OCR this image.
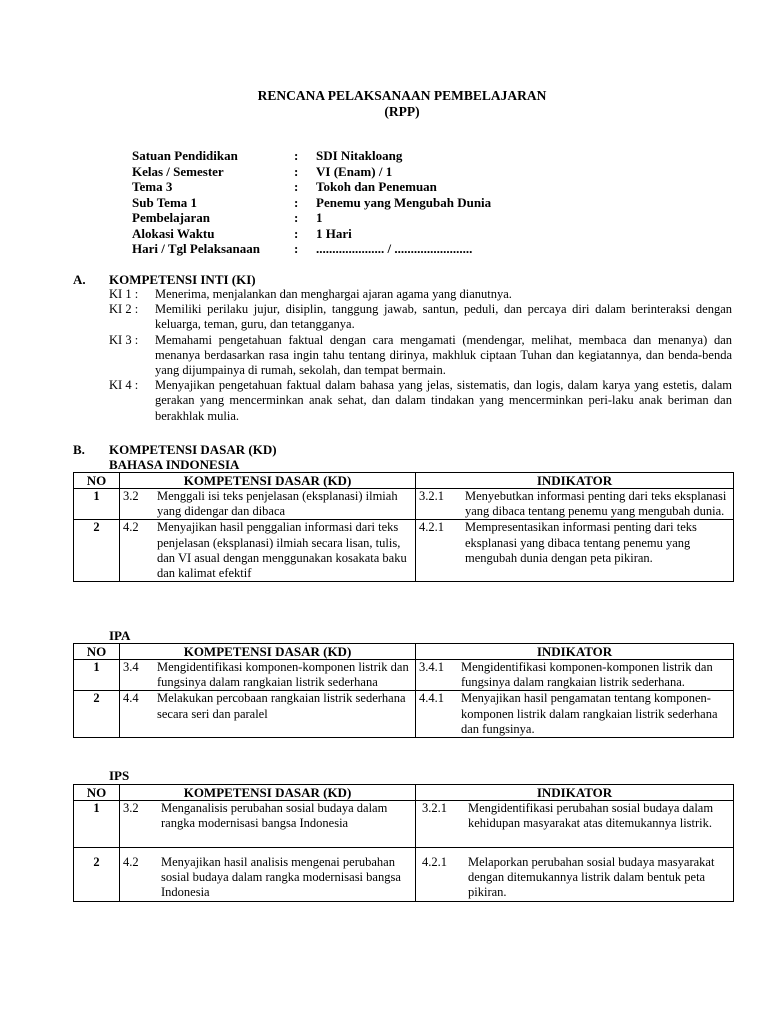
RENCANA PELAKSANAAN PEMBELAJARAN
(RPP)
Satuan Pendidikan	:	SDI Nitakloang
Kelas / Semester	:	VI (Enam) / 1
Tema 3	:	Tokoh dan Penemuan
Sub Tema 1	:	Penemu yang Mengubah Dunia
Pembelajaran	:	1
Alokasi Waktu	:	1 Hari
Hari / Tgl Pelaksanaan	:	..................... / ........................
A. KOMPETENSI INTI (KI)
KI 1 :	Menerima, menjalankan dan menghargai ajaran agama yang dianutnya.
KI 2 :	Memiliki perilaku jujur, disiplin, tanggung jawab, santun, peduli, dan percaya diri dalam berinteraksi dengan keluarga, teman, guru, dan tetangganya.
KI 3 :	Memahami pengetahuan faktual dengan cara mengamati (mendengar, melihat, membaca dan menanya) dan menanya berdasarkan rasa ingin tahu tentang dirinya, makhluk ciptaan Tuhan dan kegiatannya, dan benda-benda yang dijumpainya di rumah, sekolah, dan tempat bermain.
KI 4 :	Menyajikan pengetahuan faktual dalam bahasa yang jelas, sistematis, dan logis, dalam karya yang estetis, dalam gerakan yang mencerminkan anak sehat, dan dalam tindakan yang mencerminkan peri-laku anak beriman dan berakhlak mulia.
B. KOMPETENSI DASAR (KD)
BAHASA INDONESIA
NO	KOMPETENSI DASAR (KD)	INDIKATOR
1	3.2 Menggali isi teks penjelasan (eksplanasi) ilmiah yang didengar dan dibaca	3.2.1 Menyebutkan informasi penting dari teks eksplanasi yang dibaca tentang penemu yang mengubah dunia.

2	4.2 Menyajikan hasil penggalian informasi dari teks penjelasan (eksplanasi) ilmiah secara lisan, tulis, dan VI asual dengan menggunakan kosakata baku dan kalimat efektif	4.2.1 Mempresentasikan informasi penting dari teks eksplanasi yang dibaca tentang penemu yang mengubah dunia dengan peta pikiran.
IPA
NO	KOMPETENSI DASAR (KD)	INDIKATOR
1	3.4 Mengidentifikasi komponen-komponen listrik dan fungsinya dalam rangkaian listrik sederhana	3.4.1 Mengidentifikasi komponen-komponen listrik dan fungsinya dalam rangkaian listrik sederhana.

2	4.4 Melakukan percobaan rangkaian listrik sederhana secara seri dan paralel	4.4.1 Menyajikan hasil pengamatan tentang komponen-komponen listrik dalam rangkaian listrik sederhana dan fungsinya.
IPS
NO	KOMPETENSI DASAR (KD)	INDIKATOR
1	3.2 Menganalisis perubahan sosial budaya dalam rangka modernisasi bangsa Indonesia	3.2.1 Mengidentifikasi perubahan sosial budaya dalam kehidupan masyarakat atas ditemukannya listrik.

2	4.2 Menyajikan hasil analisis mengenai perubahan sosial budaya dalam rangka modernisasi bangsa Indonesia	4.2.1 Melaporkan perubahan sosial budaya masyarakat dengan ditemukannya listrik dalam bentuk peta pikiran.
